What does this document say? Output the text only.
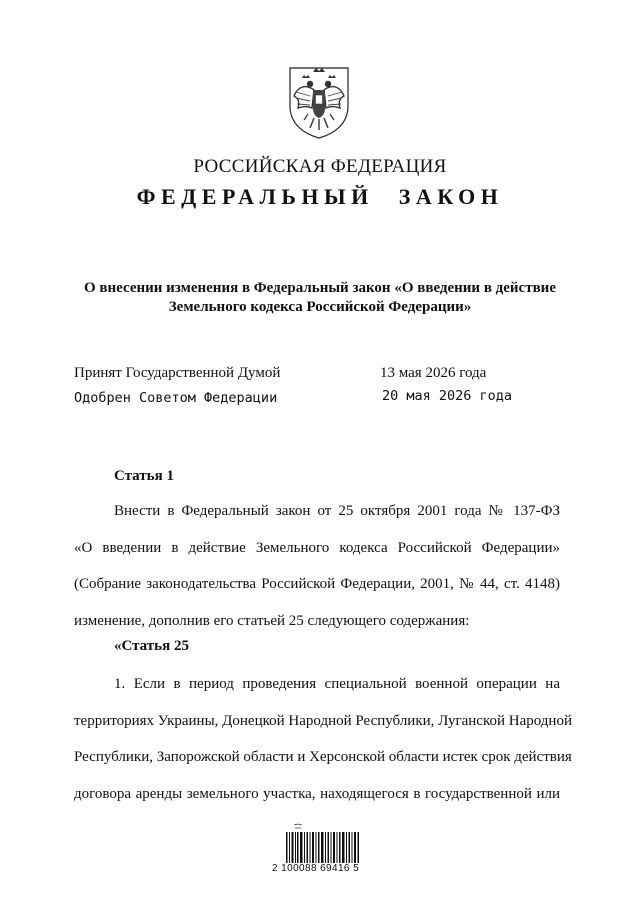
РОССИЙСКАЯ ФЕДЕРАЦИЯ
ФЕДЕРАЛЬНЫЙ ЗАКОН
О внесении изменения в Федеральный закон «О введении в действие
Земельного кодекса Российской Федерации»
Принят Государственной Думой	13 мая 2026 года
Одобрен Советом Федерации	20 мая 2026 года
Статья 1
Внести в Федеральный закон от 25 октября 2001 года № 137-ФЗ
«О введении в действие Земельного кодекса Российской Федерации»
(Собрание законодательства Российской Федерации, 2001, № 44, ст. 4148)
изменение, дополнив его статьей 25 следующего содержания:
«Статья 25
1. Если в период проведения специальной военной операции на
территориях Украины, Донецкой Народной Республики, Луганской Народной
Республики, Запорожской области и Херсонской области истек срок действия
договора аренды земельного участка, находящегося в государственной или
2 100088 69416 5
